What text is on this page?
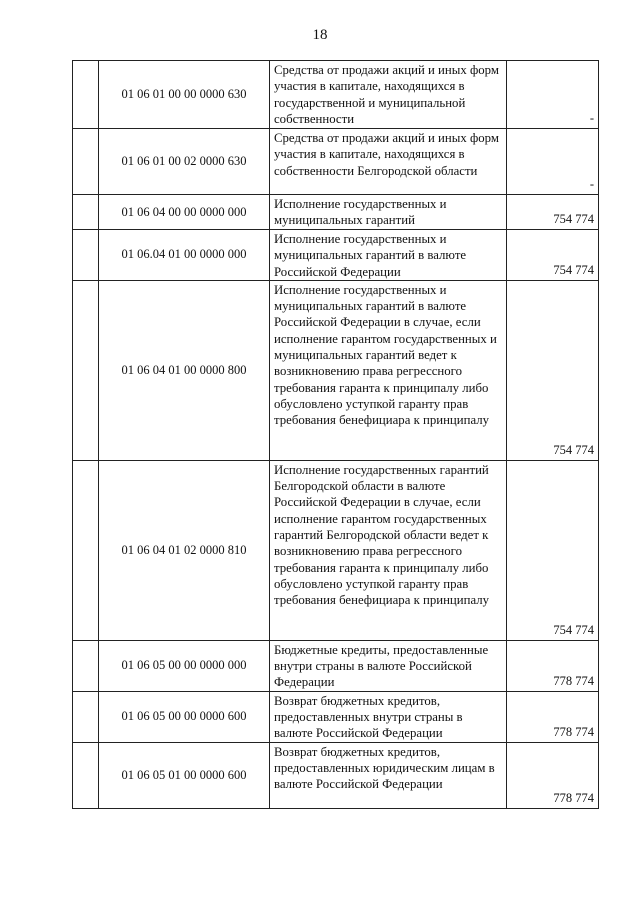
18
	01 06 01 00 00 0000 630	Средства от продажи акций и иных форм участия в капитале, находящихся в государственной и муниципальной собственности	-
	01 06 01 00 02 0000 630	Средства от продажи акций и иных форм участия в капитале, находящихся в собственности Белгородской области	-
	01 06 04 00 00 0000 000	Исполнение государственных и муниципальных гарантий	754 774
	01 06.04 01 00 0000 000	Исполнение государственных и муниципальных гарантий в валюте Российской Федерации	754 774
	01 06 04 01 00 0000 800	Исполнение государственных и муниципальных гарантий в валюте Российской Федерации в случае, если исполнение гарантом государственных и муниципальных гарантий ведет к возникновению права регрессного требования гаранта к принципалу либо обусловлено уступкой гаранту прав требования бенефициара к принципалу	754 774
	01 06 04 01 02 0000 810	Исполнение государственных гарантий Белгородской области в валюте Российской Федерации в случае, если исполнение гарантом государственных гарантий Белгородской области ведет к возникновению права регрессного требования гаранта к принципалу либо обусловлено уступкой гаранту прав требования бенефициара к принципалу	754 774
	01 06 05 00 00 0000 000	Бюджетные кредиты, предоставленные внутри страны в валюте Российской Федерации	778 774
	01 06 05 00 00 0000 600	Возврат бюджетных кредитов, предоставленных внутри страны в валюте Российской Федерации	778 774
	01 06 05 01 00 0000 600	Возврат бюджетных кредитов, предоставленных юридическим лицам в валюте Российской Федерации	778 774
